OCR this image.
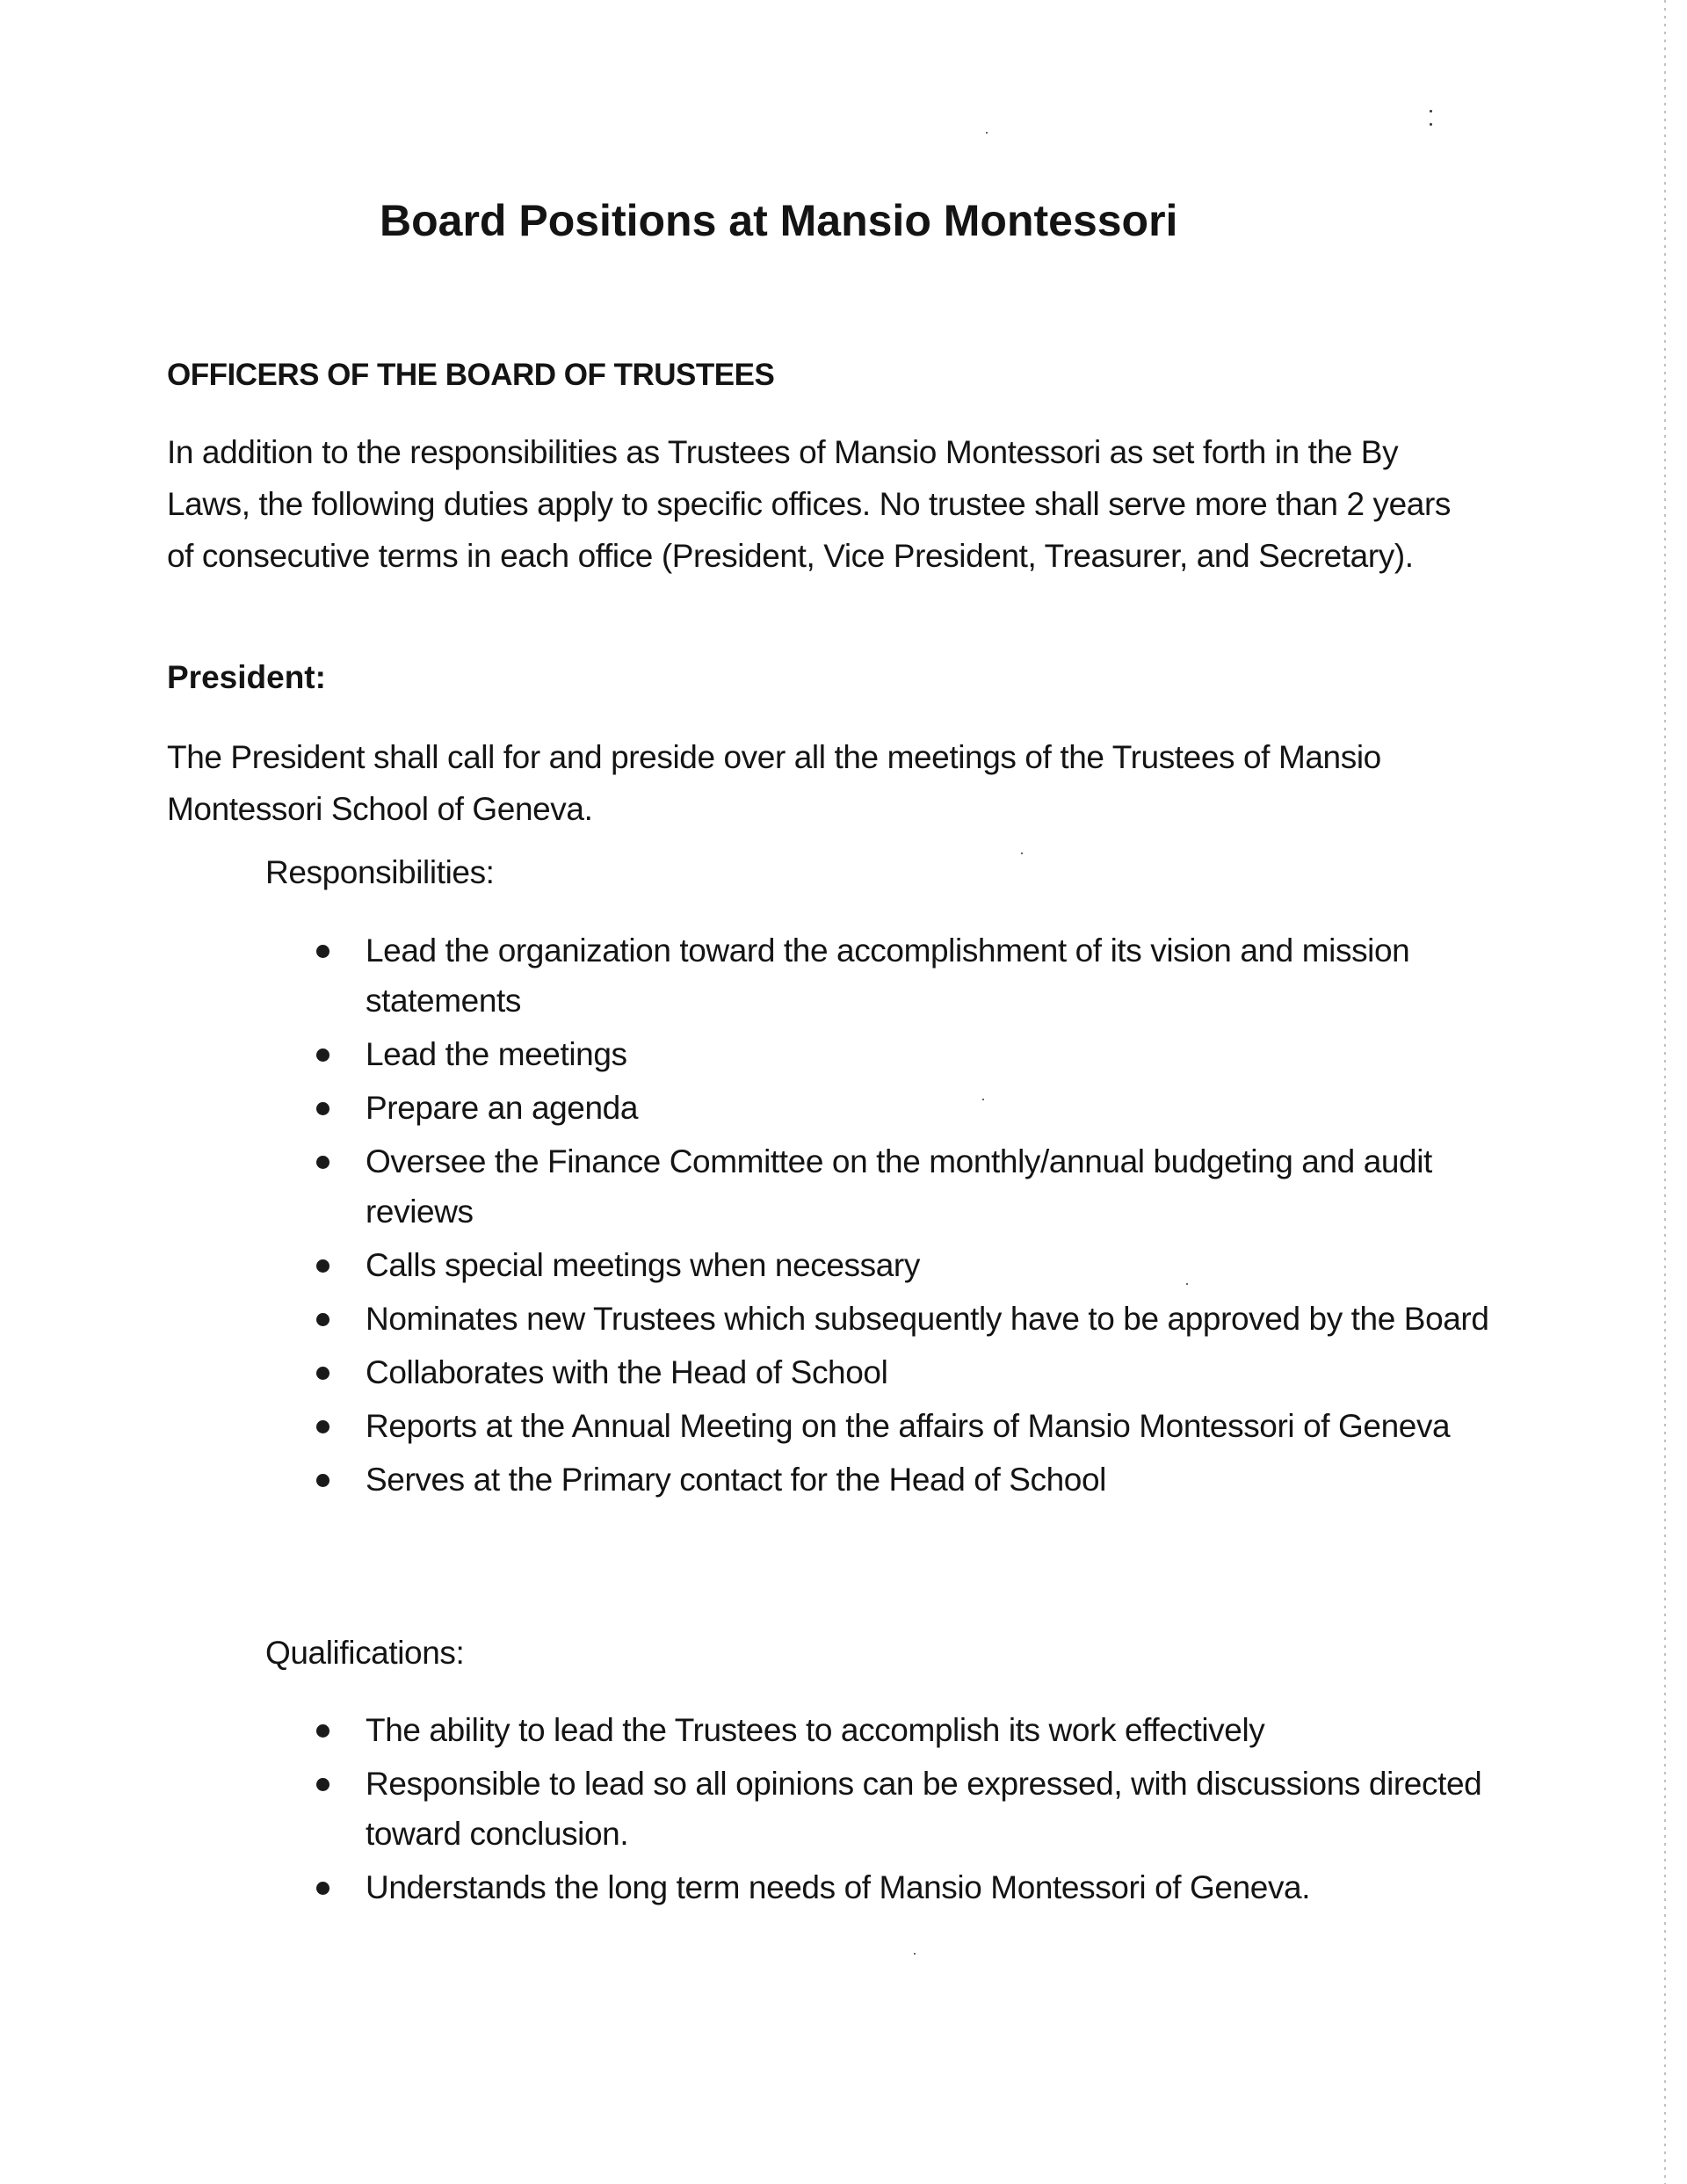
Board Positions at Mansio Montessori
OFFICERS OF THE BOARD OF TRUSTEES
In addition to the responsibilities as Trustees of Mansio Montessori as set forth in the By Laws, the following duties apply to specific offices. No trustee shall serve more than 2 years of consecutive terms in each office (President, Vice President, Treasurer, and Secretary).
President:
The President shall call for and preside over all the meetings of the Trustees of Mansio Montessori School of Geneva.
Responsibilities:
Lead the organization toward the accomplishment of its vision and mission statements
Lead the meetings
Prepare an agenda
Oversee the Finance Committee on the monthly/annual budgeting and audit reviews
Calls special meetings when necessary
Nominates new Trustees which subsequently have to be approved by the Board
Collaborates with the Head of School
Reports at the Annual Meeting on the affairs of Mansio Montessori of Geneva
Serves at the Primary contact for the Head of School
Qualifications:
The ability to lead the Trustees to accomplish its work effectively
Responsible to lead so all opinions can be expressed, with discussions directed toward conclusion.
Understands the long term needs of Mansio Montessori of Geneva.
